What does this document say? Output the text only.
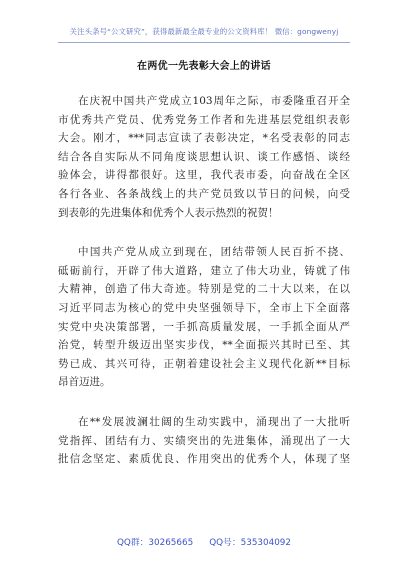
关注头条号“公文研究”，获得最新最全最专业的公文资料库！ 微信：gongwenyj
在两优一先表彰大会上的讲话
在庆祝中国共产党成立103周年之际，市委隆重召开全
市优秀共产党员、优秀党务工作者和先进基层党组织表彰
大会。刚才，***同志宣读了表彰决定，*名受表彰的同志
结合各自实际从不同角度谈思想认识、谈工作感悟、谈经
验体会，讲得都很好。这里，我代表市委，向奋战在全区
各行各业、各条战线上的共产党员致以节日的问候，向受
到表彰的先进集体和优秀个人表示热烈的祝贺！
中国共产党从成立到现在，团结带领人民百折不挠、
砥砺前行，开辟了伟大道路，建立了伟大功业，铸就了伟
大精神，创造了伟大奇迹。特别是党的二十大以来，在以
习近平同志为核心的党中央坚强领导下，全市上下全面落
实党中央决策部署，一手抓高质量发展，一手抓全面从严
治党，转型升级迈出坚实步伐，**全面振兴其时已至、其
势已成、其兴可待，正朝着建设社会主义现代化新**目标
昂首迈进。
在**发展波澜壮阔的生动实践中，涌现出了一大批听
党指挥、团结有力、实绩突出的先进集体，涌现出了一大
批信念坚定、素质优良、作用突出的优秀个人，体现了坚
QQ群：30265665 QQ号：535304092
